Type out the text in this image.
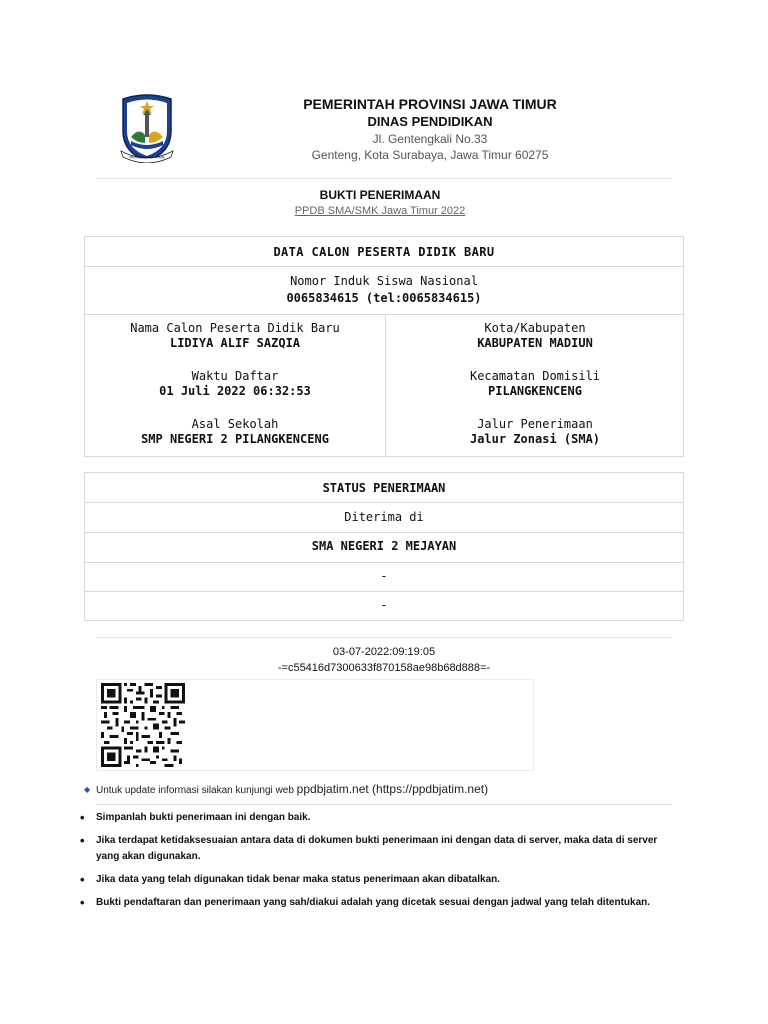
PROVINSI JAWA TIMUR
PEMERINTAH PROVINSI JAWA TIMUR
DINAS PENDIDIKAN
Jl. Gentengkali No.33
Genteng, Kota Surabaya, Jawa Timur 60275
BUKTI PENERIMAAN
PPDB SMA/SMK Jawa Timur 2022
DATA CALON PESERTA DIDIK BARU
Nomor Induk Siswa Nasional
0065834615 (tel:0065834615)
Nama Calon Peserta Didik Baru
LIDIYA ALIF SAZQIA
Kota/Kabupaten
KABUPATEN MADIUN
Waktu Daftar
01 Juli 2022 06:32:53
Kecamatan Domisili
PILANGKENCENG
Asal Sekolah
SMP NEGERI 2 PILANGKENCENG
Jalur Penerimaan
Jalur Zonasi (SMA)
STATUS PENERIMAAN
Diterima di
SMA NEGERI 2 MEJAYAN
-
-
03-07-2022:09:19:05
-=c55416d7300633f870158ae98b68d888=-
◆ Untuk update informasi silakan kunjungi web ppdbjatim.net (https://ppdbjatim.net)
• Simpanlah bukti penerimaan ini dengan baik.
• Jika terdapat ketidaksesuaian antara data di dokumen bukti penerimaan ini dengan data di server, maka data di server yang akan digunakan.
• Jika data yang telah digunakan tidak benar maka status penerimaan akan dibatalkan.
• Bukti pendaftaran dan penerimaan yang sah/diakui adalah yang dicetak sesuai dengan jadwal yang telah ditentukan.
